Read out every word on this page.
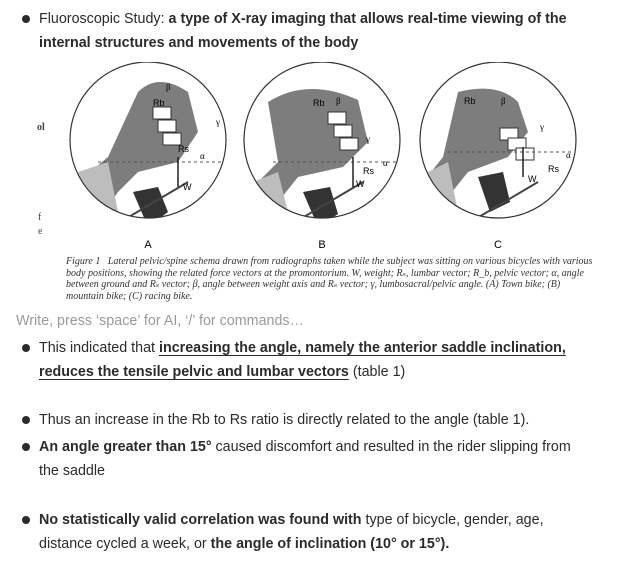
Fluoroscopic Study: a type of X-ray imaging that allows real-time viewing of the internal structures and movements of the body
ol
f
e
Rb
Rs
W
β
γ
α
A
Rb
Rs
W
β
γ
α
B
Rb
Rs
W
β
γ
α
C
Figure 1 Lateral pelvic/spine schema drawn from radiographs taken while the subject was sitting on various bicycles with various body positions, showing the related force vectors at the promontorium. W, weight; Rₛ, lumbar vector; R_b, pelvic vector; α, angle between ground and Rₛ vector; β, angle between weight axis and Rₛ vector; γ, lumbosacral/pelvic angle. (A) Town bike; (B) mountain bike; (C) racing bike.
Write, press ‘space’ for AI, ‘/’ for commands…
This indicated that increasing the angle, namely the anterior saddle inclination, reduces the tensile pelvic and lumbar vectors (table 1)
Thus an increase in the Rb to Rs ratio is directly related to the angle (table 1).
An angle greater than 15° caused discomfort and resulted in the rider slipping from the saddle
No statistically valid correlation was found with type of bicycle, gender, age, distance cycled a week, or the angle of inclination (10° or 15°).
